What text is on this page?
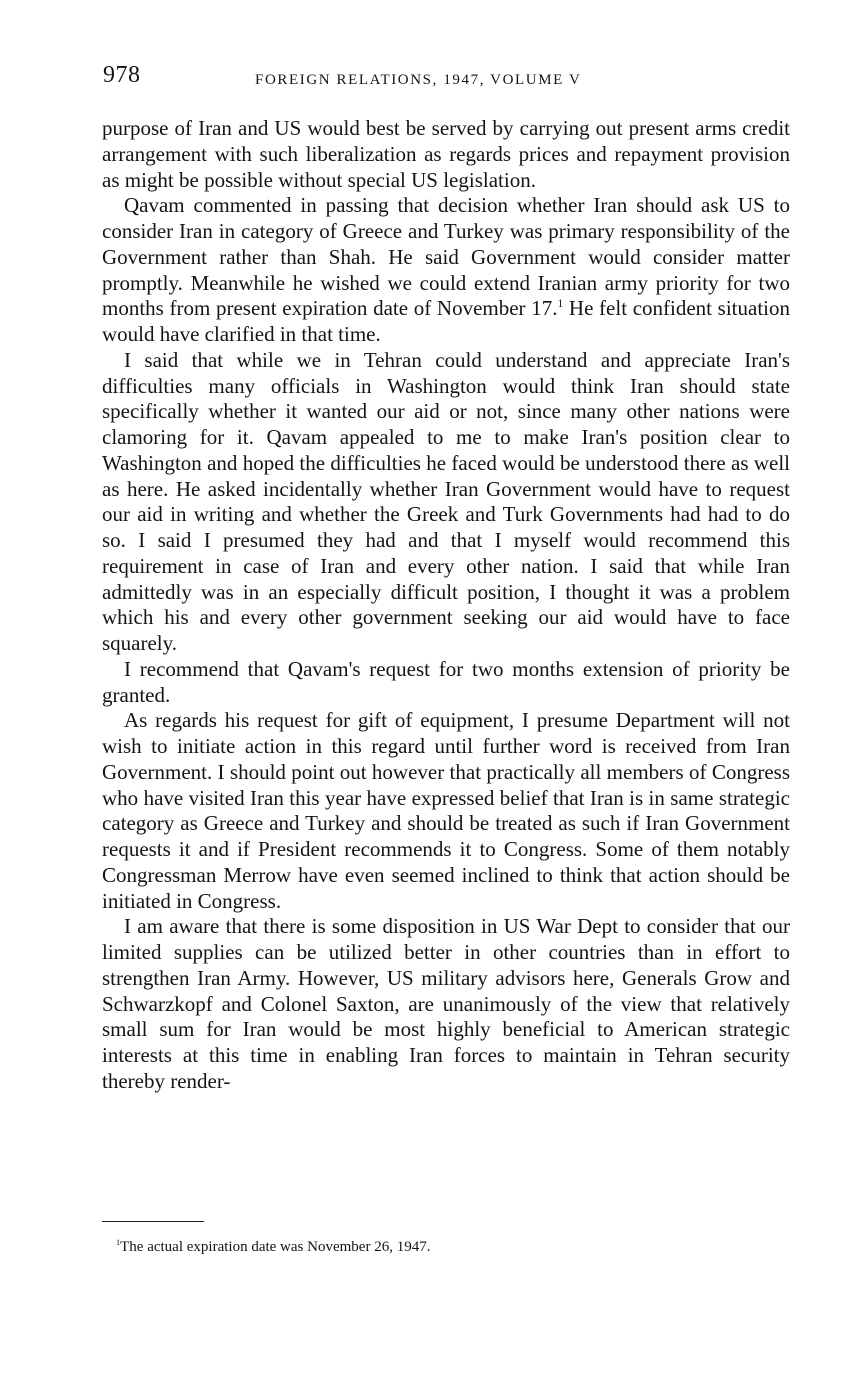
978	FOREIGN RELATIONS, 1947, VOLUME V

purpose of Iran and US would best be served by carrying out present arms credit arrangement with such liberalization as regards prices and repayment provision as might be possible without special US legislation.

Qavam commented in passing that decision whether Iran should ask US to consider Iran in category of Greece and Turkey was primary responsibility of the Government rather than Shah. He said Government would consider matter promptly. Meanwhile he wished we could extend Iranian army priority for two months from present expiration date of November 17.$^1$ He felt confident situation would have clarified in that time.

I said that while we in Tehran could understand and appreciate Iran's difficulties many officials in Washington would think Iran should state specifically whether it wanted our aid or not, since many other nations were clamoring for it. Qavam appealed to me to make Iran's position clear to Washington and hoped the difficulties he faced would be understood there as well as here. He asked incidentally whether Iran Government would have to request our aid in writing and whether the Greek and Turk Governments had had to do so. I said I presumed they had and that I myself would recommend this requirement in case of Iran and every other nation. I said that while Iran admittedly was in an especially difficult position, I thought it was a problem which his and every other government seeking our aid would have to face squarely.

I recommend that Qavam's request for two months extension of priority be granted.

As regards his request for gift of equipment, I presume Department will not wish to initiate action in this regard until further word is received from Iran Government. I should point out however that practically all members of Congress who have visited Iran this year have expressed belief that Iran is in same strategic category as Greece and Turkey and should be treated as such if Iran Government requests it and if President recommends it to Congress. Some of them notably Congressman Merrow have even seemed inclined to think that action should be initiated in Congress.

I am aware that there is some disposition in US War Dept to consider that our limited supplies can be utilized better in other countries than in effort to strengthen Iran Army. However, US military advisors here, Generals Grow and Schwarzkopf and Colonel Saxton, are unanimously of the view that relatively small sum for Iran would be most highly beneficial to American strategic interests at this time in enabling Iran forces to maintain in Tehran security thereby render-

$^1$The actual expiration date was November 26, 1947.
